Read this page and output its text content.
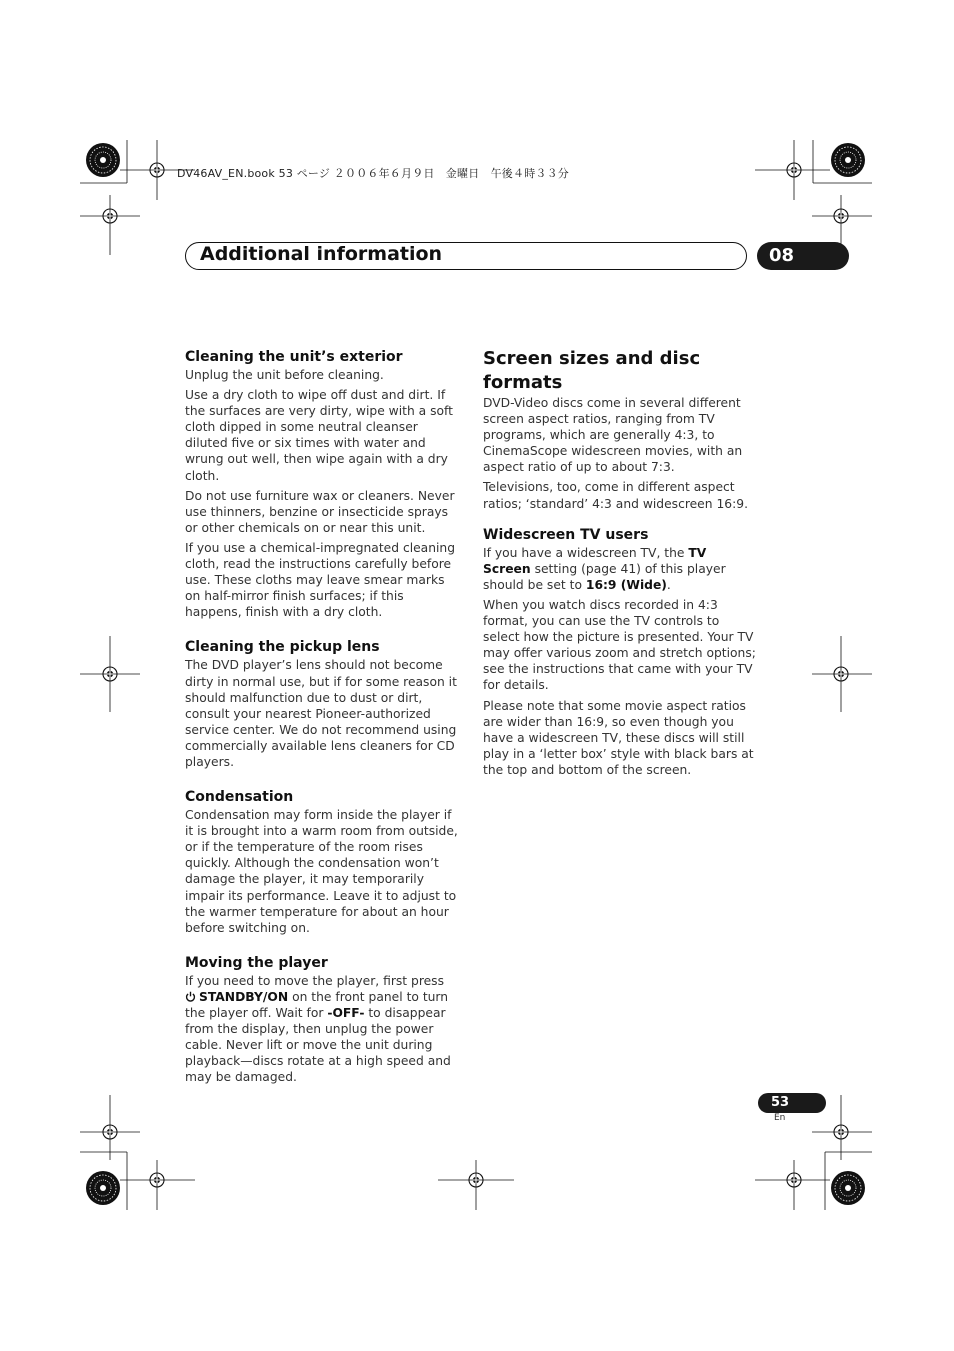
DV46AV_EN.book 53 ページ ２００６年６月９日　金曜日　午後４時３３分
Additional information	08
Cleaning the unit’s exterior

Unplug the unit before cleaning.

Use a dry cloth to wipe off dust and dirt. If the surfaces are very dirty, wipe with a soft cloth dipped in some neutral cleanser diluted five or six times with water and wrung out well, then wipe again with a dry cloth.

Do not use furniture wax or cleaners. Never use thinners, benzine or insecticide sprays or other chemicals on or near this unit.

If you use a chemical-impregnated cleaning cloth, read the instructions carefully before use. These cloths may leave smear marks on half-mirror finish surfaces; if this happens, finish with a dry cloth.

Cleaning the pickup lens

The DVD player’s lens should not become dirty in normal use, but if for some reason it should malfunction due to dust or dirt, consult your nearest Pioneer-authorized service center. We do not recommend using commercially available lens cleaners for CD players.

Condensation

Condensation may form inside the player if it is brought into a warm room from outside, or if the temperature of the room rises quickly. Although the condensation won’t damage the player, it may temporarily impair its performance. Leave it to adjust to the warmer temperature for about an hour before switching on.

Moving the player

If you need to move the player, first press STANDBY/ON on the front panel to turn the player off. Wait for -OFF- to disappear from the display, then unplug the power cable. Never lift or move the unit during playback—discs rotate at a high speed and may be damaged.

Screen sizes and disc formats

DVD-Video discs come in several different screen aspect ratios, ranging from TV programs, which are generally 4:3, to CinemaScope widescreen movies, with an aspect ratio of up to about 7:3.

Televisions, too, come in different aspect ratios; ‘standard’ 4:3 and widescreen 16:9.

Widescreen TV users

If you have a widescreen TV, the TV Screen setting (page 41) of this player should be set to 16:9 (Wide).

When you watch discs recorded in 4:3 format, you can use the TV controls to select how the picture is presented. Your TV may offer various zoom and stretch options; see the instructions that came with your TV for details.

Please note that some movie aspect ratios are wider than 16:9, so even though you have a widescreen TV, these discs will still play in a ‘letter box’ style with black bars at the top and bottom of the screen.

53
En
